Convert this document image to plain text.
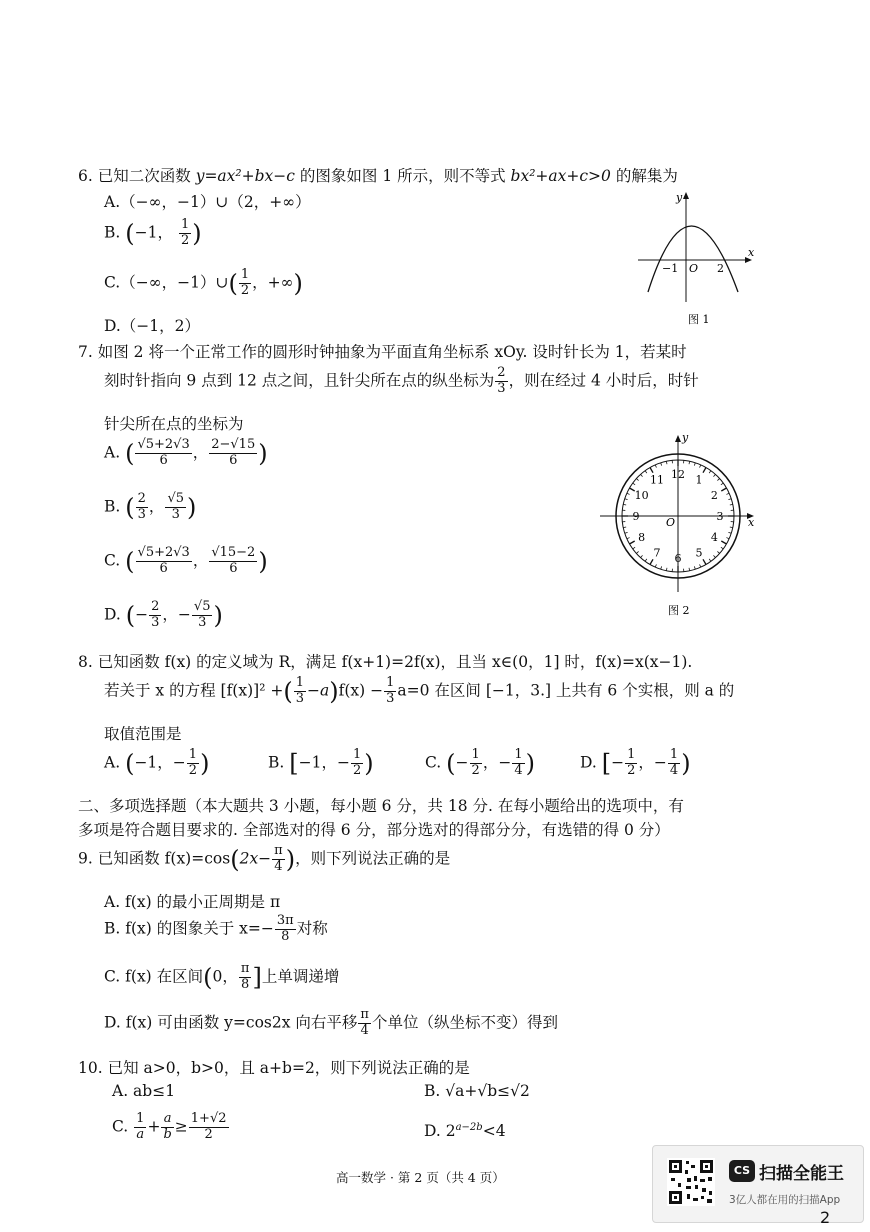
6. 已知二次函数 y=ax²+bx−c 的图象如图 1 所示，则不等式 bx²+ax+c>0 的解集为
A.（−∞，−1）∪（2，+∞）
B. (−1， $\frac{1}{2}$ )
C.（−∞，−1）∪( $\frac{1}{2}$ ，+∞)
D.（−1，2）
y
x
−1 O 2
图 1
7. 如图 2 将一个正常工作的圆形时钟抽象为平面直角坐标系 xOy. 设时针长为 1，若某时
刻时针指向 9 点到 12 点之间，且针尖所在点的纵坐标为 $\frac{2}{3}$ ，则在经过 4 小时后，时针
针尖所在点的坐标为
A. ( $\frac{√5+2√3}{6}$ ， $\frac{2-√15}{6}$ )
B. ( $\frac{2}{3}$ ， $\frac{√5}{3}$ )
C. ( $\frac{√5+2√3}{6}$ ， $\frac{√15-2}{6}$ )
D. (− $\frac{2}{3}$ ，− $\frac{√5}{3}$ )
12 1
2
3
4
5
6
7
8
9
10
11
y
x
O
图 2
8. 已知函数 f(x) 的定义域为 R，满足 f(x+1)=2f(x)，且当 x∈(0，1] 时，f(x)=x(x−1).
若关于 x 的方程 [f(x)]² +( $\frac{1}{3} -a)f(x) - \frac{1}{3} a=0$ 在区间 [−1，3.] 上共有 6 个实根，则 a 的
取值范围是
A. (−1，− $\frac{1}{2}$ )	B. [−1，− $\frac{1}{2}$ )	C. (− $\frac{1}{2}$ ，− $\frac{1}{4}$ )	D. [− $\frac{1}{2}$ ，− $\frac{1}{4}$ )
二、多项选择题（本大题共 3 小题，每小题 6 分，共 18 分. 在每小题给出的选项中，有
多项是符合题目要求的. 全部选对的得 6 分，部分选对的得部分分，有选错的得 0 分）
9. 已知函数 $f(x)=\cos(2x- \frac{\pi}{4}$ )，则下列说法正确的是
A. f(x) 的最小正周期是 π
B. f(x) 的图象关于 $x=- \frac{3\pi}{8}$ 对称
C. f(x) 在区间(0， $\frac{\pi}{8}$ ]上单调递增
D. f(x) 可由函数 y=cos2x 向右平移 $\frac{\pi}{4}$ 个单位（纵坐标不变）得到
10. 已知 a>0，b>0，且 a+b=2，则下列说法正确的是
A. ab≤1	B. √a+√b≤√2
C. $\frac{1}{a} + \frac{a}{b} \ge \frac{1+√2}{2}$	D. $2^{a-2b}<4$
高一数学 · 第 2 页（共 4 页）	CS 扫描全能王
3亿人都在用的扫描App
2
